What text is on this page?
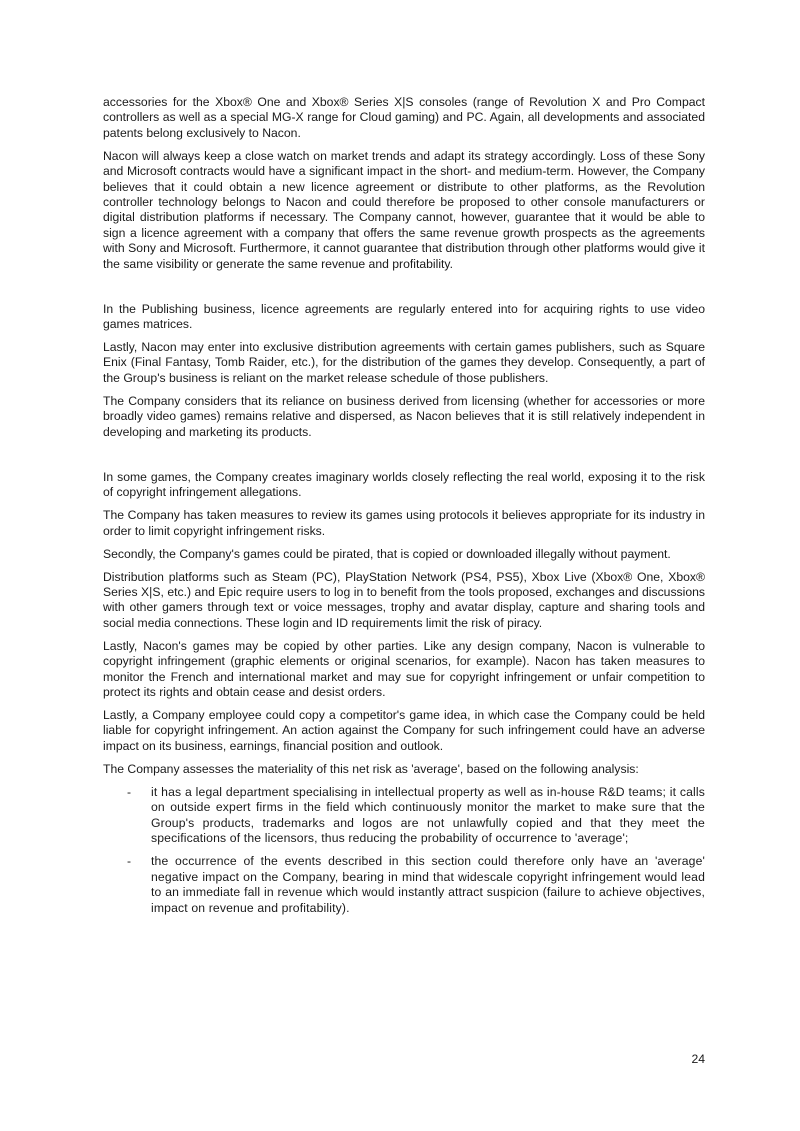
accessories for the Xbox® One and Xbox® Series X|S consoles (range of Revolution X and Pro Compact controllers as well as a special MG-X range for Cloud gaming) and PC. Again, all developments and associated patents belong exclusively to Nacon.

Nacon will always keep a close watch on market trends and adapt its strategy accordingly. Loss of these Sony and Microsoft contracts would have a significant impact in the short- and medium-term. However, the Company believes that it could obtain a new licence agreement or distribute to other platforms, as the Revolution controller technology belongs to Nacon and could therefore be proposed to other console manufacturers or digital distribution platforms if necessary. The Company cannot, however, guarantee that it would be able to sign a licence agreement with a company that offers the same revenue growth prospects as the agreements with Sony and Microsoft. Furthermore, it cannot guarantee that distribution through other platforms would give it the same visibility or generate the same revenue and profitability.

In the Publishing business, licence agreements are regularly entered into for acquiring rights to use video games matrices.

Lastly, Nacon may enter into exclusive distribution agreements with certain games publishers, such as Square Enix (Final Fantasy, Tomb Raider, etc.), for the distribution of the games they develop. Consequently, a part of the Group's business is reliant on the market release schedule of those publishers.

The Company considers that its reliance on business derived from licensing (whether for accessories or more broadly video games) remains relative and dispersed, as Nacon believes that it is still relatively independent in developing and marketing its products.

In some games, the Company creates imaginary worlds closely reflecting the real world, exposing it to the risk of copyright infringement allegations.

The Company has taken measures to review its games using protocols it believes appropriate for its industry in order to limit copyright infringement risks.

Secondly, the Company's games could be pirated, that is copied or downloaded illegally without payment.

Distribution platforms such as Steam (PC), PlayStation Network (PS4, PS5), Xbox Live (Xbox® One, Xbox® Series X|S, etc.) and Epic require users to log in to benefit from the tools proposed, exchanges and discussions with other gamers through text or voice messages, trophy and avatar display, capture and sharing tools and social media connections. These login and ID requirements limit the risk of piracy.

Lastly, Nacon's games may be copied by other parties. Like any design company, Nacon is vulnerable to copyright infringement (graphic elements or original scenarios, for example). Nacon has taken measures to monitor the French and international market and may sue for copyright infringement or unfair competition to protect its rights and obtain cease and desist orders.

Lastly, a Company employee could copy a competitor's game idea, in which case the Company could be held liable for copyright infringement. An action against the Company for such infringement could have an adverse impact on its business, earnings, financial position and outlook.

The Company assesses the materiality of this net risk as 'average', based on the following analysis:

- it has a legal department specialising in intellectual property as well as in-house R&D teams; it calls on outside expert firms in the field which continuously monitor the market to make sure that the Group's products, trademarks and logos are not unlawfully copied and that they meet the specifications of the licensors, thus reducing the probability of occurrence to 'average';
- the occurrence of the events described in this section could therefore only have an 'average' negative impact on the Company, bearing in mind that widescale copyright infringement would lead to an immediate fall in revenue which would instantly attract suspicion (failure to achieve objectives, impact on revenue and profitability).
24
